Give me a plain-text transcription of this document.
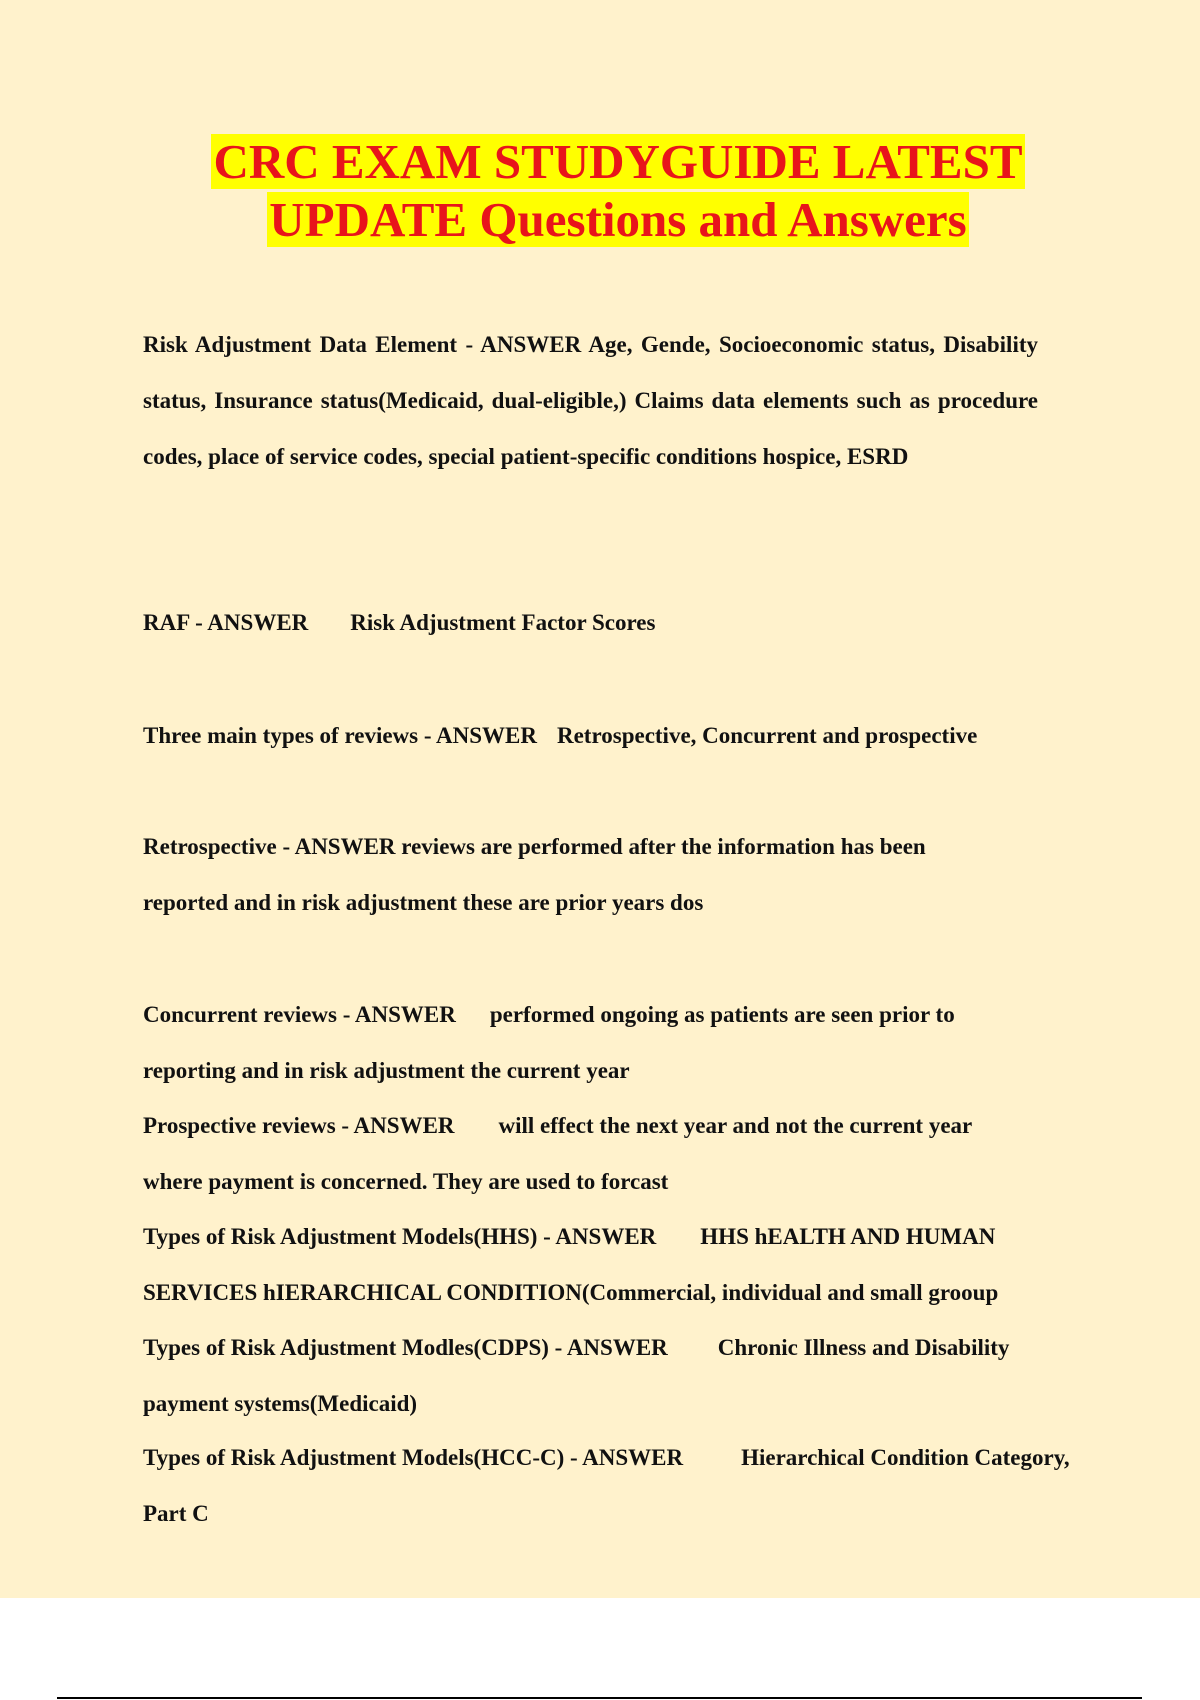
CRC EXAM STUDYGUIDE LATEST
UPDATE Questions and Answers

Risk Adjustment Data Element - ANSWER Age, Gende, Socioeconomic status, Disability status, Insurance status(Medicaid, dual-eligible,) Claims data elements such as procedure codes, place of service codes, special patient-specific conditions hospice, ESRD

RAF - ANSWER Risk Adjustment Factor Scores

Three main types of reviews - ANSWER Retrospective, Concurrent and prospective

Retrospective - ANSWER reviews are performed after the information has been reported and in risk adjustment these are prior years dos

Concurrent reviews - ANSWER performed ongoing as patients are seen prior to reporting and in risk adjustment the current year

Prospective reviews - ANSWER will effect the next year and not the current year where payment is concerned. They are used to forcast

Types of Risk Adjustment Models(HHS) - ANSWER HHS hEALTH AND HUMAN SERVICES hIERARCHICAL CONDITION(Commercial, individual and small grooup

Types of Risk Adjustment Modles(CDPS) - ANSWER Chronic Illness and Disability payment systems(Medicaid)

Types of Risk Adjustment Models(HCC-C) - ANSWER	Hierarchical Condition Category, Part C
